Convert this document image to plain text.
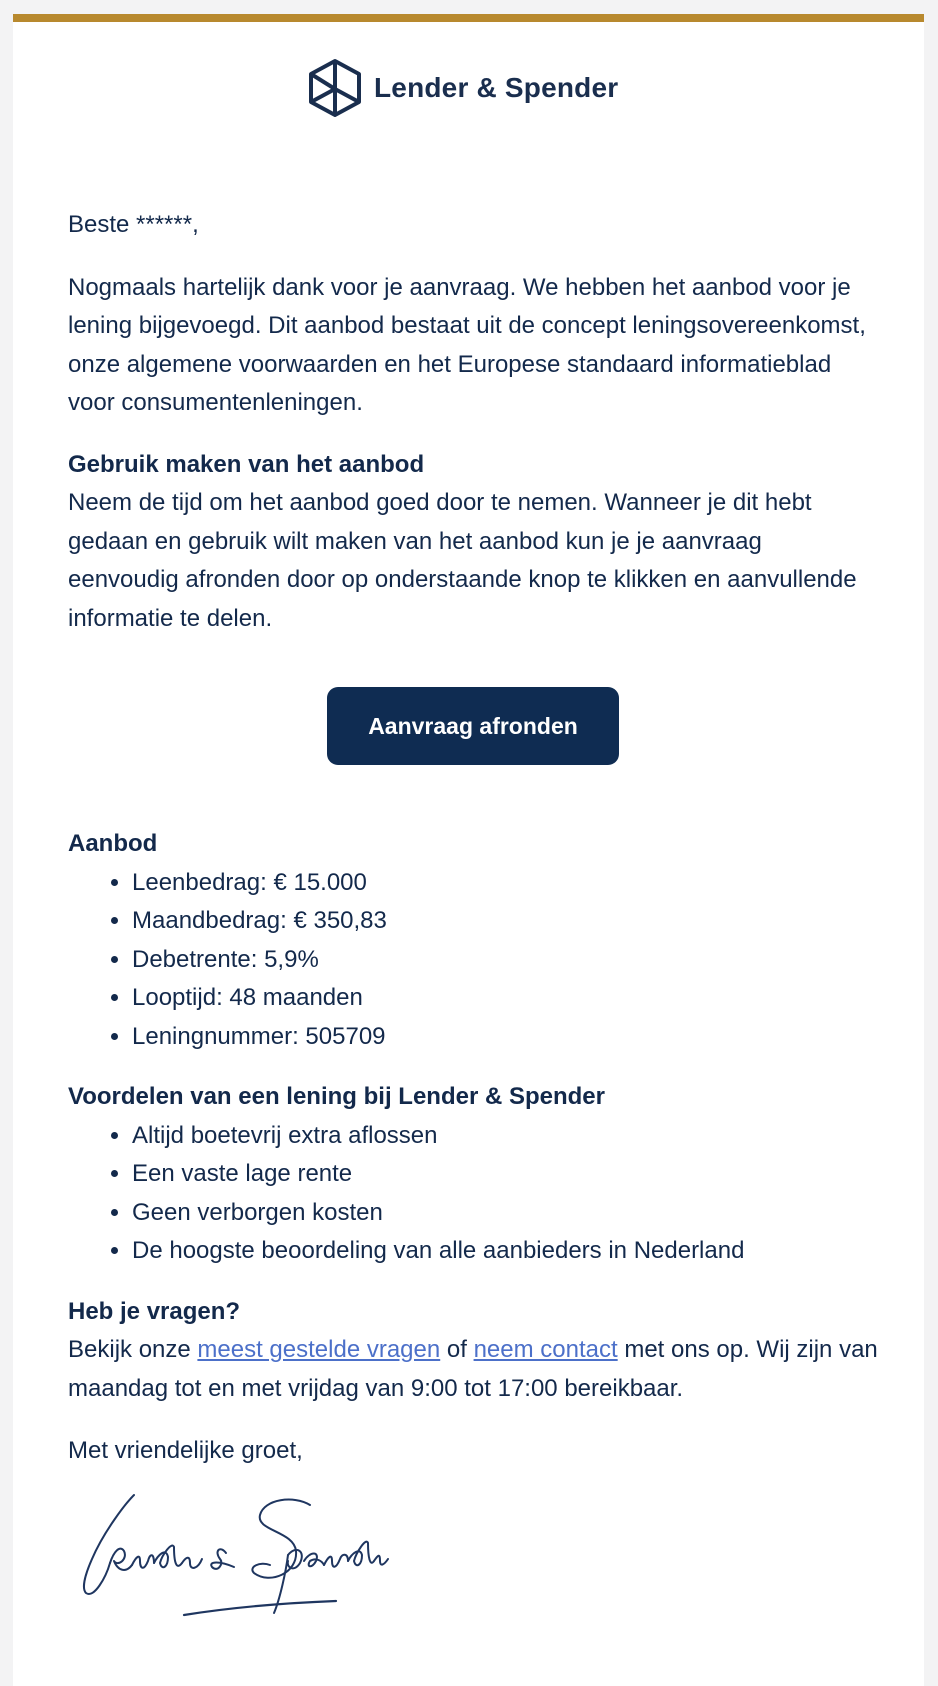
Lender & Spender

Beste ******,

Nogmaals hartelijk dank voor je aanvraag. We hebben het aanbod voor je lening bijgevoegd. Dit aanbod bestaat uit de concept leningsovereenkomst, onze algemene voorwaarden en het Europese standaard informatieblad voor consumentenleningen.

Gebruik maken van het aanbod

Neem de tijd om het aanbod goed door te nemen. Wanneer je dit hebt gedaan en gebruik wilt maken van het aanbod kun je je aanvraag eenvoudig afronden door op onderstaande knop te klikken en aanvullende informatie te delen.

Aanvraag afronden
Aanbod
• Leenbedrag: € 15.000
• Maandbedrag: € 350,83
• Debetrente: 5,9%
• Looptijd: 48 maanden
• Leningnummer: 505709
Voordelen van een lening bij Lender & Spender
• Altijd boetevrij extra aflossen
• Een vaste lage rente
• Geen verborgen kosten
• De hoogste beoordeling van alle aanbieders in Nederland
Heb je vragen?

Bekijk onze meest gestelde vragen of neem contact met ons op. Wij zijn van maandag tot en met vrijdag van 9:00 tot 17:00 bereikbaar.

Met vriendelijke groet,
